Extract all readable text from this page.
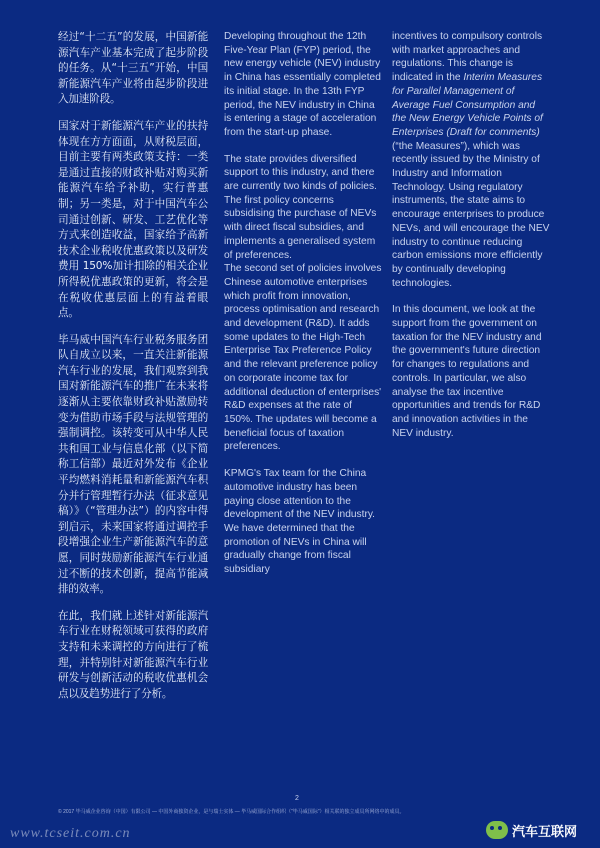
经过“十二五”的发展，中国新能源汽车产业基本完成了起步阶段的任务。从“十三五”开始，中国新能源汽车产业将由起步阶段进入加速阶段。

国家对于新能源汽车产业的扶持体现在方方面面，从财税层面，目前主要有两类政策支持：一类是通过直接的财政补贴对购买新能源汽车给予补助，实行普惠制；另一类是，对于中国汽车公司通过创新、研发、工艺优化等方式来创造收益，国家给予高新技术企业税收优惠政策以及研发费用 150%加计扣除的相关企业所得税优惠政策的更新，将会是在税收优惠层面上的有益着眼点。

毕马威中国汽车行业税务服务团队自成立以来，一直关注新能源汽车行业的发展，我们观察到我国对新能源汽车的推广在未来将逐渐从主要依靠财政补贴激励转变为借助市场手段与法规管理的强制调控。该转变可从中华人民共和国工业与信息化部（以下简称工信部）最近对外发布《企业平均燃料消耗量和新能源汽车积分并行管理暂行办法（征求意见稿）》（“管理办法”）的内容中得到启示，未来国家将通过调控手段增强企业生产新能源汽车的意愿，同时鼓励新能源汽车行业通过不断的技术创新，提高节能减排的效率。

在此，我们就上述针对新能源汽车行业在财税领域可获得的政府支持和未来调控的方向进行了梳理，并特别针对新能源汽车行业研发与创新活动的税收优惠机会点以及趋势进行了分析。

Developing throughout the 12th Five-Year Plan (FYP) period, the new energy vehicle (NEV) industry in China has essentially completed its initial stage. In the 13th FYP period, the NEV industry in China is entering a stage of acceleration from the start-up phase.

The state provides diversified support to this industry, and there are currently two kinds of policies. The first policy concerns subsidising the purchase of NEVs with direct fiscal subsidies, and implements a generalised system of preferences.

The second set of policies involves Chinese automotive enterprises which profit from innovation, process optimisation and research and development (R&D). It adds some updates to the High-Tech Enterprise Tax Preference Policy and the relevant preference policy on corporate income tax for additional deduction of enterprises' R&D expenses at the rate of 150%. The updates will become a beneficial focus of taxation preferences.

KPMG's Tax team for the China automotive industry has been paying close attention to the development of the NEV industry. We have determined that the promotion of NEVs in China will gradually change from fiscal subsidiary

incentives to compulsory controls with market approaches and regulations. This change is indicated in the Interim Measures for Parallel Management of Average Fuel Consumption and the New Energy Vehicle Points of Enterprises (Draft for comments) (“the Measures”), which was recently issued by the Ministry of Industry and Information Technology. Using regulatory instruments, the state aims to encourage enterprises to produce NEVs, and will encourage the NEV industry to continue reducing carbon emissions more efficiently by continually developing technologies.

In this document, we look at the support from the government on taxation for the NEV industry and the government's future direction for changes to regulations and controls. In particular, we also analyse the tax incentive opportunities and trends for R&D and innovation activities in the NEV industry.

2
© 2017 毕马威企业咨询（中国）有限公司 — 中国外商独资企业，是与瑞士实体 — 毕马威国际合作组织（“毕马威国际”）相关联的独立成员所网络中的成员。
www.tcseit.com.cn	汽车互联网
